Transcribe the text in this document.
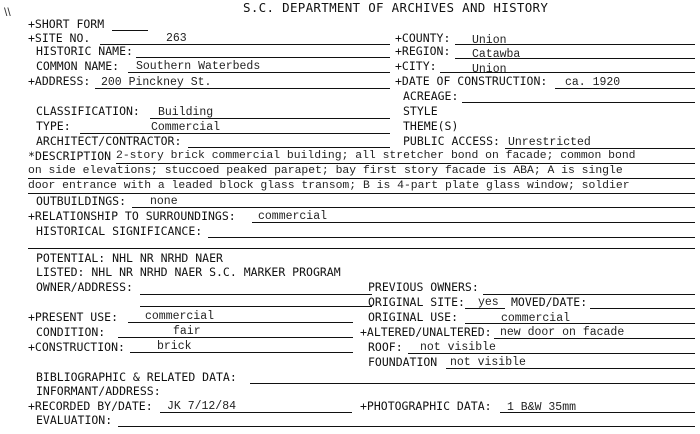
\\	S.C. DEPARTMENT OF ARCHIVES AND HISTORY
+SHORT FORM
+SITE NO.	263	+COUNTY: Union
HISTORIC NAME:	+REGION: Catawba
COMMON NAME: Southern Waterbeds	+CITY:	Union
+ADDRESS: 200 Pinckney St.	+DATE OF CONSTRUCTION: ca. 1920
ACREAGE:
CLASSIFICATION: Building	STYLE
TYPE:	Commercial	THEME(S)
ARCHITECT/CONTRACTOR:	PUBLIC ACCESS: Unrestricted
*DESCRIPTION 2-story brick commercial building; all stretcher bond on facade; common bond
on side elevations; stuccoed peaked parapet; bay first story facade is ABA; A is single
door entrance with a leaded block glass transom; B is 4-part plate glass window; soldier
OUTBUILDINGS: none
+RELATIONSHIP TO SURROUNDINGS: commercial
HISTORICAL SIGNIFICANCE:
POTENTIAL: NHL NR NRHD NAER
LISTED: NHL NR NRHD NAER S.C. MARKER PROGRAM
OWNER/ADDRESS:	PREVIOUS OWNERS:
ORIGINAL SITE: yes MOVED/DATE:
+PRESENT USE: commercial	ORIGINAL USE:	commercial
CONDITION:	fair	+ALTERED/UNALTERED: new door on facade
+CONSTRUCTION:	brick	ROOF: not visible
FOUNDATION not visible
BIBLIOGRAPHIC & RELATED DATA:
INFORMANT/ADDRESS:
+RECORDED BY/DATE: JK 7/12/84	+PHOTOGRAPHIC DATA: 1 B&W 35mm
EVALUATION:
